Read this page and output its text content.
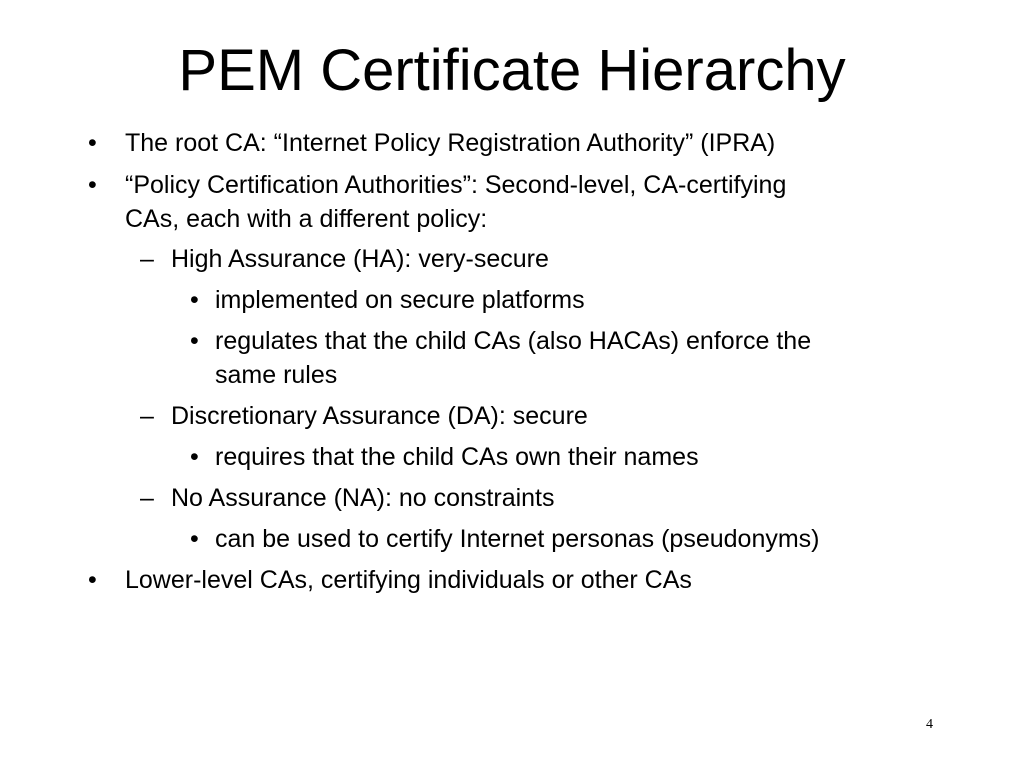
PEM Certificate Hierarchy
• The root CA: “Internet Policy Registration Authority” (IPRA)
• “Policy Certification Authorities”: Second-level, CA-certifying
CAs, each with a different policy:
– High Assurance (HA): very-secure
• implemented on secure platforms
• regulates that the child CAs (also HACAs) enforce the
same rules
– Discretionary Assurance (DA): secure
• requires that the child CAs own their names
– No Assurance (NA): no constraints
• can be used to certify Internet personas (pseudonyms)
• Lower-level CAs, certifying individuals or other CAs
4
